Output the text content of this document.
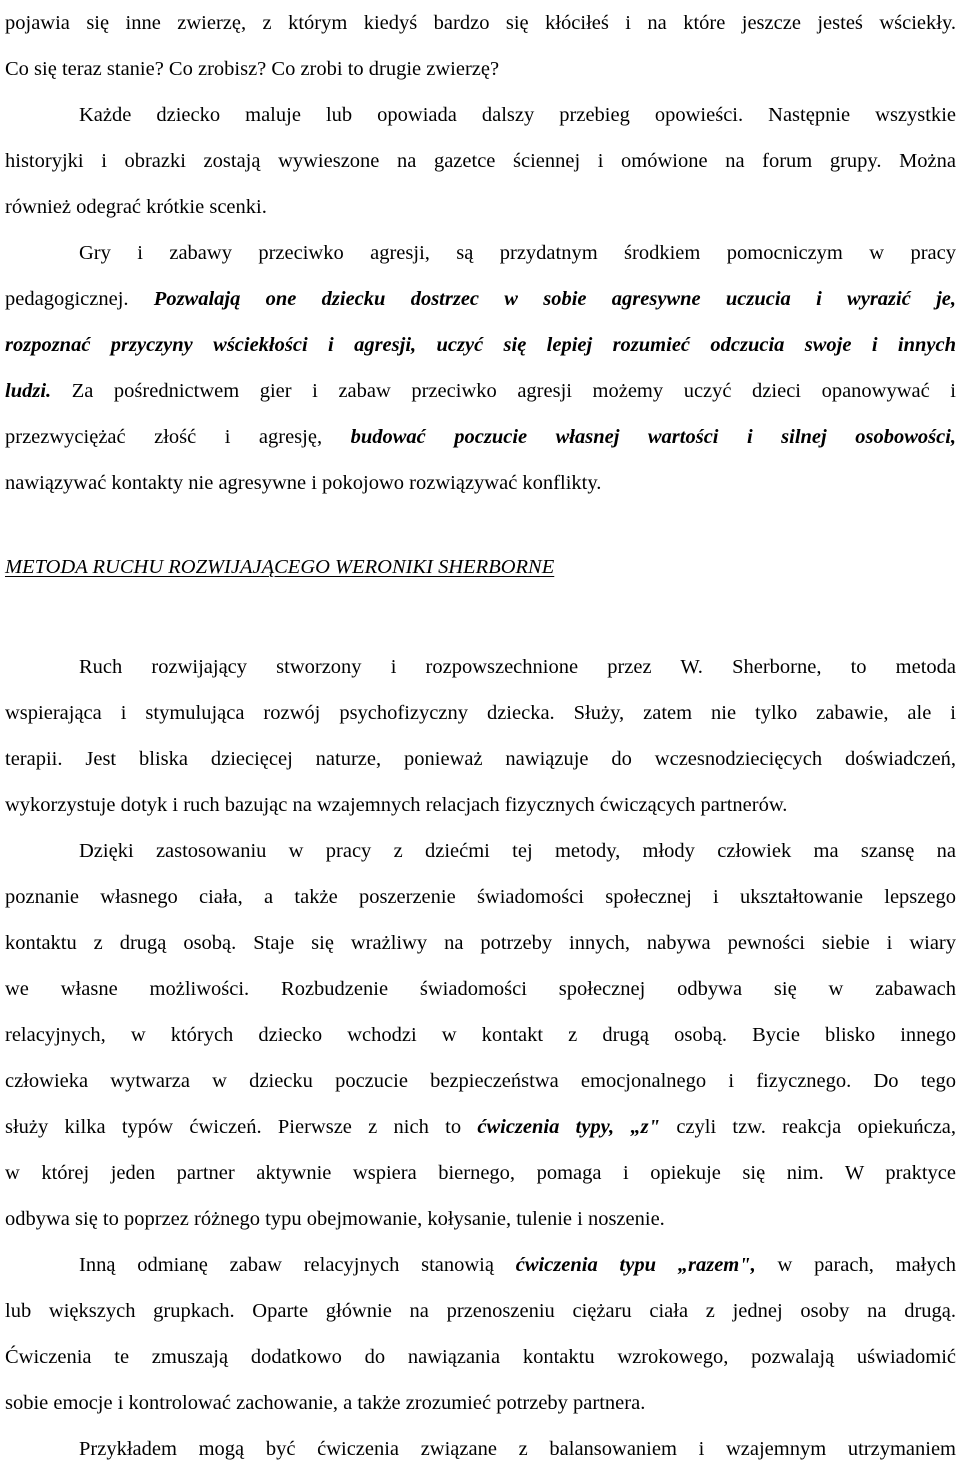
pojawia się inne zwierzę, z którym kiedyś bardzo się kłóciłeś i na które jeszcze jesteś wściekły.
Co się teraz stanie? Co zrobisz? Co zrobi to drugie zwierzę?
Każde dziecko maluje lub opowiada dalszy przebieg opowieści. Następnie wszystkie
historyjki i obrazki zostają wywieszone na gazetce ściennej i omówione na forum grupy. Można
również odegrać krótkie scenki.
Gry i zabawy przeciwko agresji, są przydatnym środkiem pomocniczym w pracy
pedagogicznej. Pozwalają one dziecku dostrzec w sobie agresywne uczucia i wyrazić je,
rozpoznać przyczyny wściekłości i agresji, uczyć się lepiej rozumieć odczucia swoje i innych
ludzi. Za pośrednictwem gier i zabaw przeciwko agresji możemy uczyć dzieci opanowywać i
przezwyciężać złość i agresję, budować poczucie własnej wartości i silnej osobowości,
nawiązywać kontakty nie agresywne i pokojowo rozwiązywać konflikty.
METODA RUCHU ROZWIJAJĄCEGO WERONIKI SHERBORNE
Ruch rozwijający stworzony i rozpowszechnione przez W. Sherborne, to metoda
wspierająca i stymulująca rozwój psychofizyczny dziecka. Służy, zatem nie tylko zabawie, ale i
terapii. Jest bliska dziecięcej naturze, ponieważ nawiązuje do wczesnodziecięcych doświadczeń,
wykorzystuje dotyk i ruch bazując na wzajemnych relacjach fizycznych ćwiczących partnerów.
Dzięki zastosowaniu w pracy z dziećmi tej metody, młody człowiek ma szansę na
poznanie własnego ciała, a także poszerzenie świadomości społecznej i ukształtowanie lepszego
kontaktu z drugą osobą. Staje się wrażliwy na potrzeby innych, nabywa pewności siebie i wiary
we własne możliwości. Rozbudzenie świadomości społecznej odbywa się w zabawach
relacyjnych, w których dziecko wchodzi w kontakt z drugą osobą. Bycie blisko innego
człowieka wytwarza w dziecku poczucie bezpieczeństwa emocjonalnego i fizycznego. Do tego
służy kilka typów ćwiczeń. Pierwsze z nich to ćwiczenia typy, „z" czyli tzw. reakcja opiekuńcza,
w której jeden partner aktywnie wspiera biernego, pomaga i opiekuje się nim. W praktyce
odbywa się to poprzez różnego typu obejmowanie, kołysanie, tulenie i noszenie.
Inną odmianę zabaw relacyjnych stanowią ćwiczenia typu „razem", w parach, małych
lub większych grupkach. Oparte głównie na przenoszeniu ciężaru ciała z jednej osoby na drugą.
Ćwiczenia te zmuszają dodatkowo do nawiązania kontaktu wzrokowego, pozwalają uświadomić
sobie emocje i kontrolować zachowanie, a także zrozumieć potrzeby partnera.
Przykładem mogą być ćwiczenia związane z balansowaniem i wzajemnym utrzymaniem
